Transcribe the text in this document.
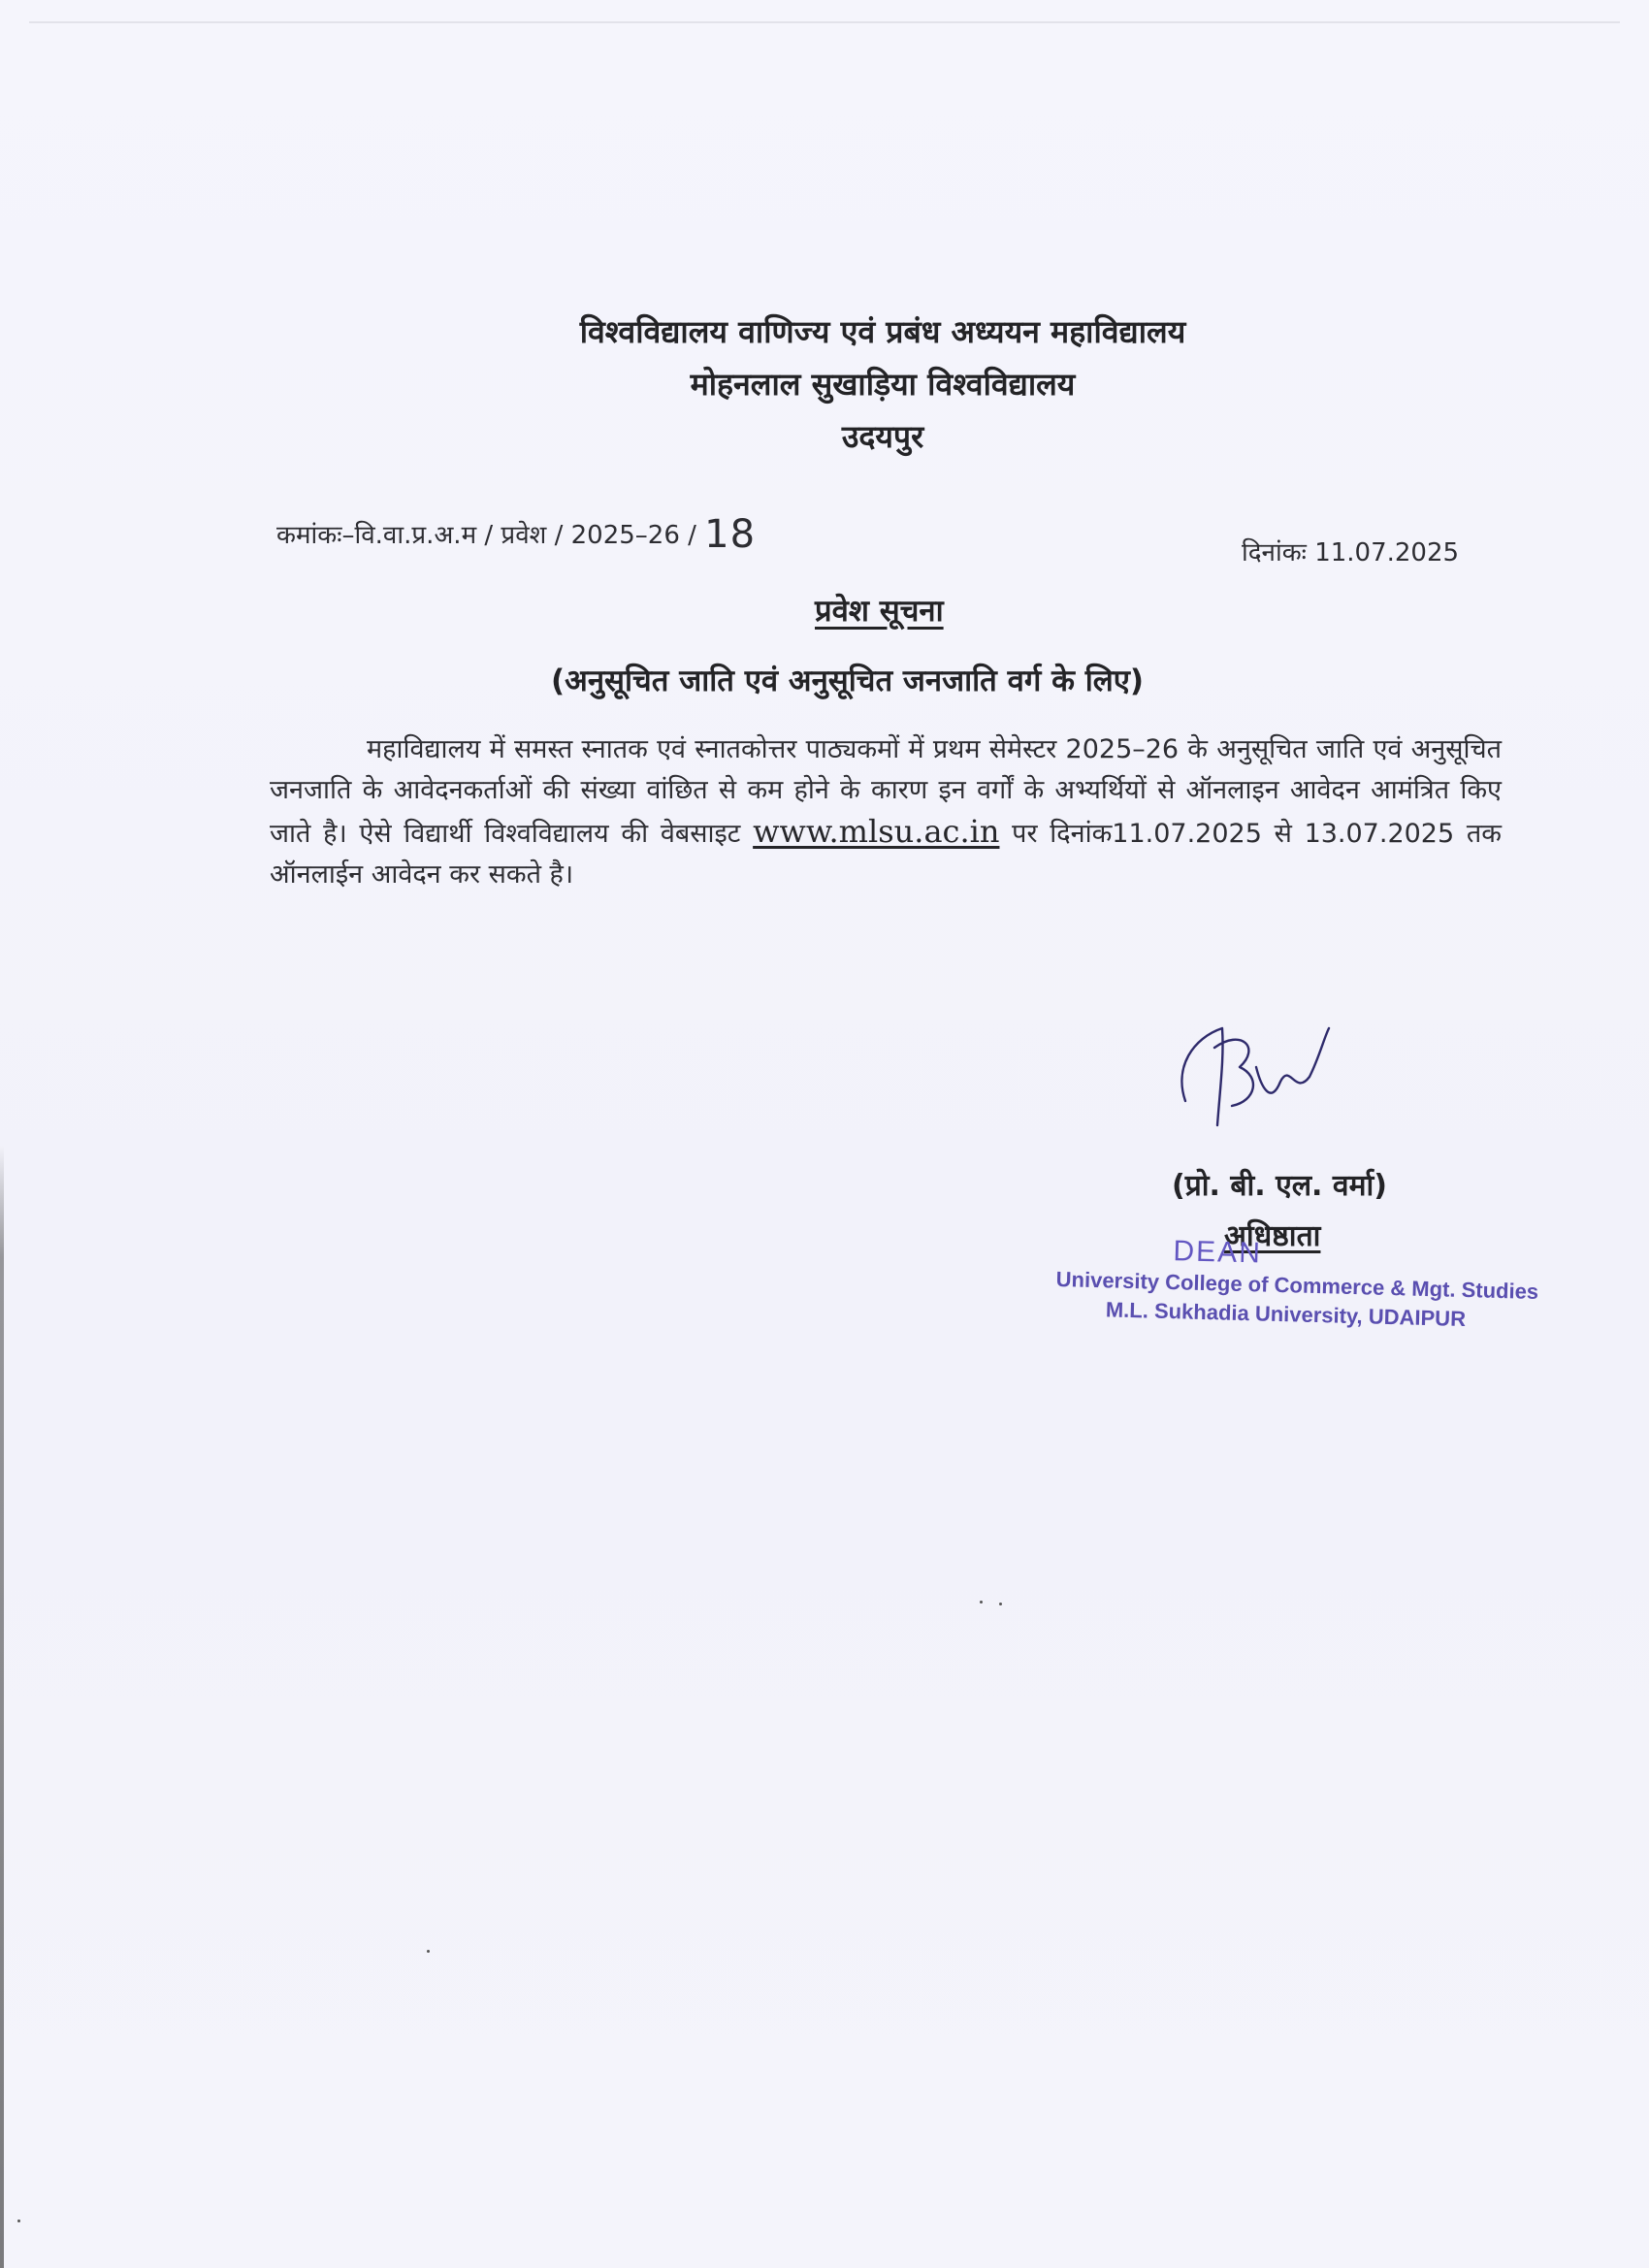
विश्वविद्यालय वाणिज्य एवं प्रबंध अध्ययन महाविद्यालय
मोहनलाल सुखाड़िया विश्वविद्यालय
उदयपुर
कमांकः–वि.वा.प्र.अ.म / प्रवेश / 2025–26 / 18	दिनांकः 11.07.2025
प्रवेश सूचना
(अनुसूचित जाति एवं अनुसूचित जनजाति वर्ग के लिए)
महाविद्यालय में समस्त स्नातक एवं स्नातकोत्तर पाठ्यकमों में प्रथम सेमेस्टर 2025–26 के अनुसूचित जाति एवं अनुसूचित जनजाति के आवेदनकर्ताओं की संख्या वांछित से कम होने के कारण इन वर्गों के अभ्यर्थियों से ऑनलाइन आवेदन आमंत्रित किए जाते है। ऐसे विद्यार्थी विश्वविद्यालय की वेबसाइट www.mlsu.ac.in पर दिनांक11.07.2025 से 13.07.2025 तक ऑनलाईन आवेदन कर सकते है।
(प्रो. बी. एल. वर्मा)
अधिष्ठाता
DEAN
University College of Commerce & Mgt. Studies
M.L. Sukhadia University, UDAIPUR
